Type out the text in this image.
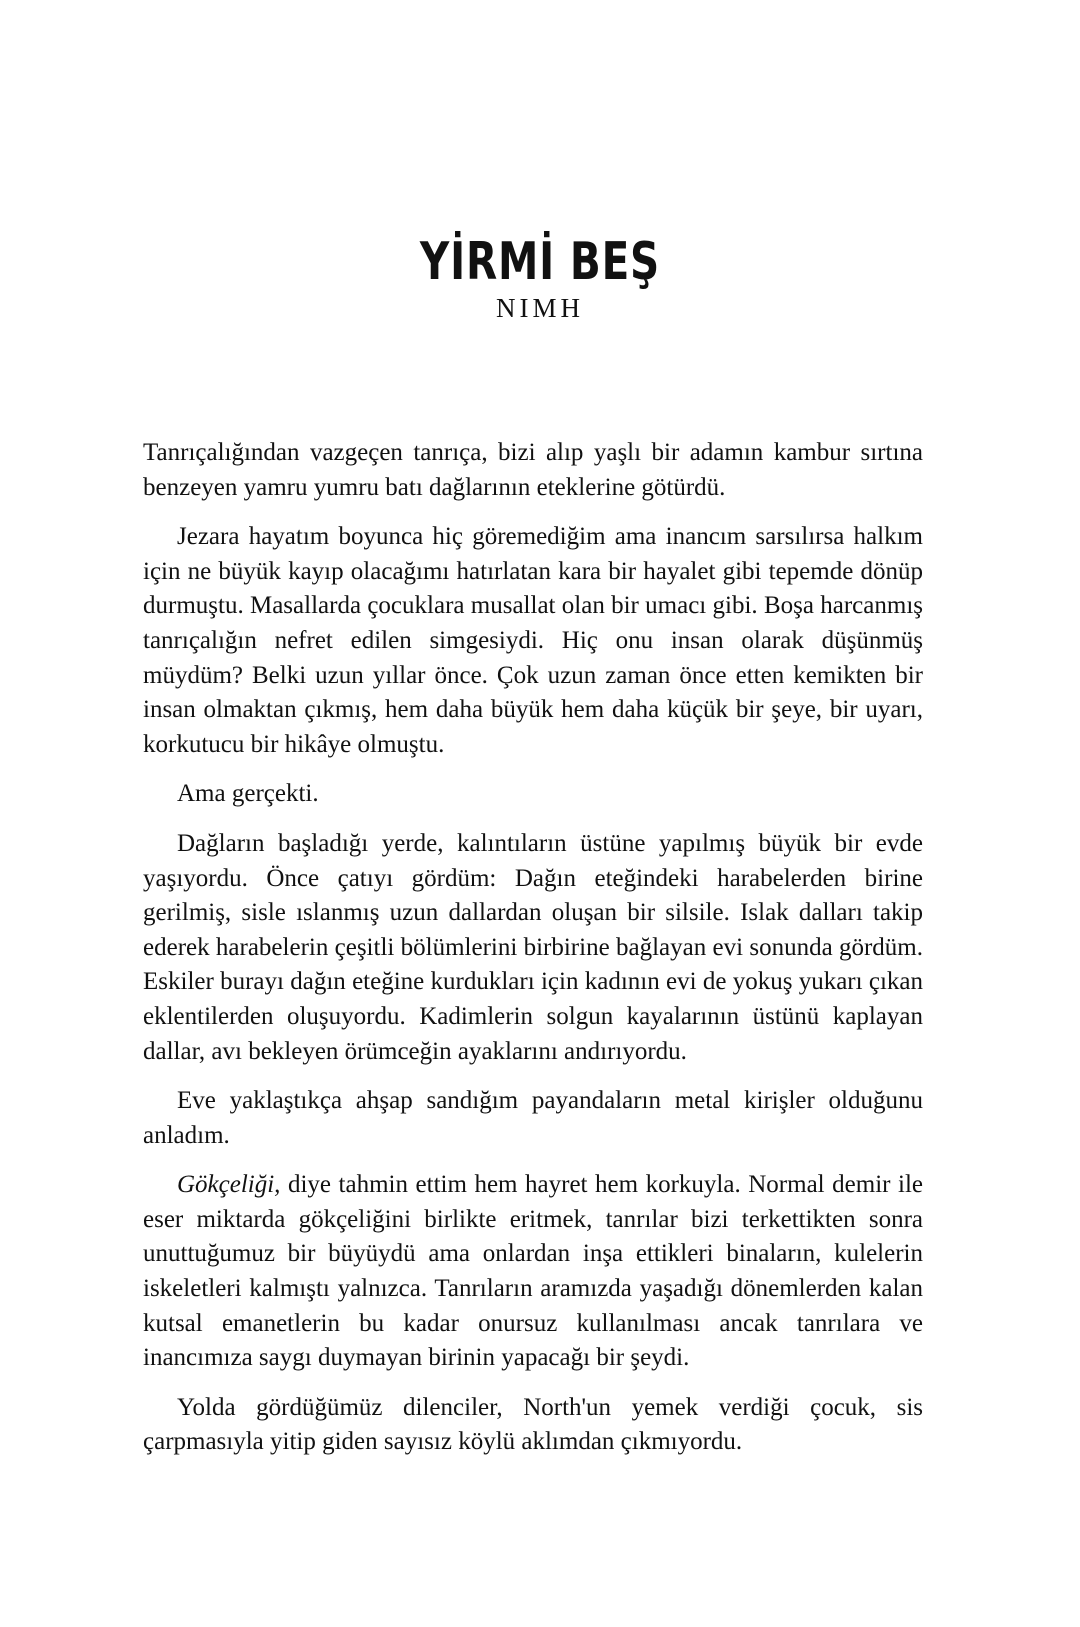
YİRMİ BEŞ
NIMH

Tanrıçalığından vazgeçen tanrıça, bizi alıp yaşlı bir adamın kambur sırtına benzeyen yamru yumru batı dağlarının eteklerine götürdü.

Jezara hayatım boyunca hiç göremediğim ama inancım sarsılırsa halkım için ne büyük kayıp olacağımı hatırlatan kara bir hayalet gibi tepemde dönüp durmuştu. Masallarda çocuklara musallat olan bir umacı gibi. Boşa harcanmış tanrıçalığın nefret edilen simgesiydi. Hiç onu insan olarak düşünmüş müydüm? Belki uzun yıllar önce. Çok uzun zaman önce etten kemikten bir insan olmaktan çıkmış, hem daha büyük hem daha küçük bir şeye, bir uyarı, korkutucu bir hikâye olmuştu.

Ama gerçekti.

Dağların başladığı yerde, kalıntıların üstüne yapılmış büyük bir evde yaşıyordu. Önce çatıyı gördüm: Dağın eteğindeki harabelerden birine gerilmiş, sisle ıslanmış uzun dallardan oluşan bir silsile. Islak dalları takip ederek harabelerin çeşitli bölümlerini birbirine bağlayan evi sonunda gördüm. Eskiler burayı dağın eteğine kurdukları için kadının evi de yokuş yukarı çıkan eklentilerden oluşuyordu. Kadimlerin solgun kayalarının üstünü kaplayan dallar, avı bekleyen örümceğin ayaklarını andırıyordu.

Eve yaklaştıkça ahşap sandığım payandaların metal kirişler olduğunu anladım.

Gökçeliği, diye tahmin ettim hem hayret hem korkuyla. Normal demir ile eser miktarda gökçeliğini birlikte eritmek, tanrılar bizi terkettikten sonra unuttuğumuz bir büyüydü ama onlardan inşa ettikleri binaların, kulelerin iskeletleri kalmıştı yalnızca. Tanrıların aramızda yaşadığı dönemlerden kalan kutsal emanetlerin bu kadar onursuz kullanılması ancak tanrılara ve inancımıza saygı duymayan birinin yapacağı bir şeydi.

Yolda gördüğümüz dilenciler, North'un yemek verdiği çocuk, sis çarpmasıyla yitip giden sayısız köylü aklımdan çıkmıyordu.
